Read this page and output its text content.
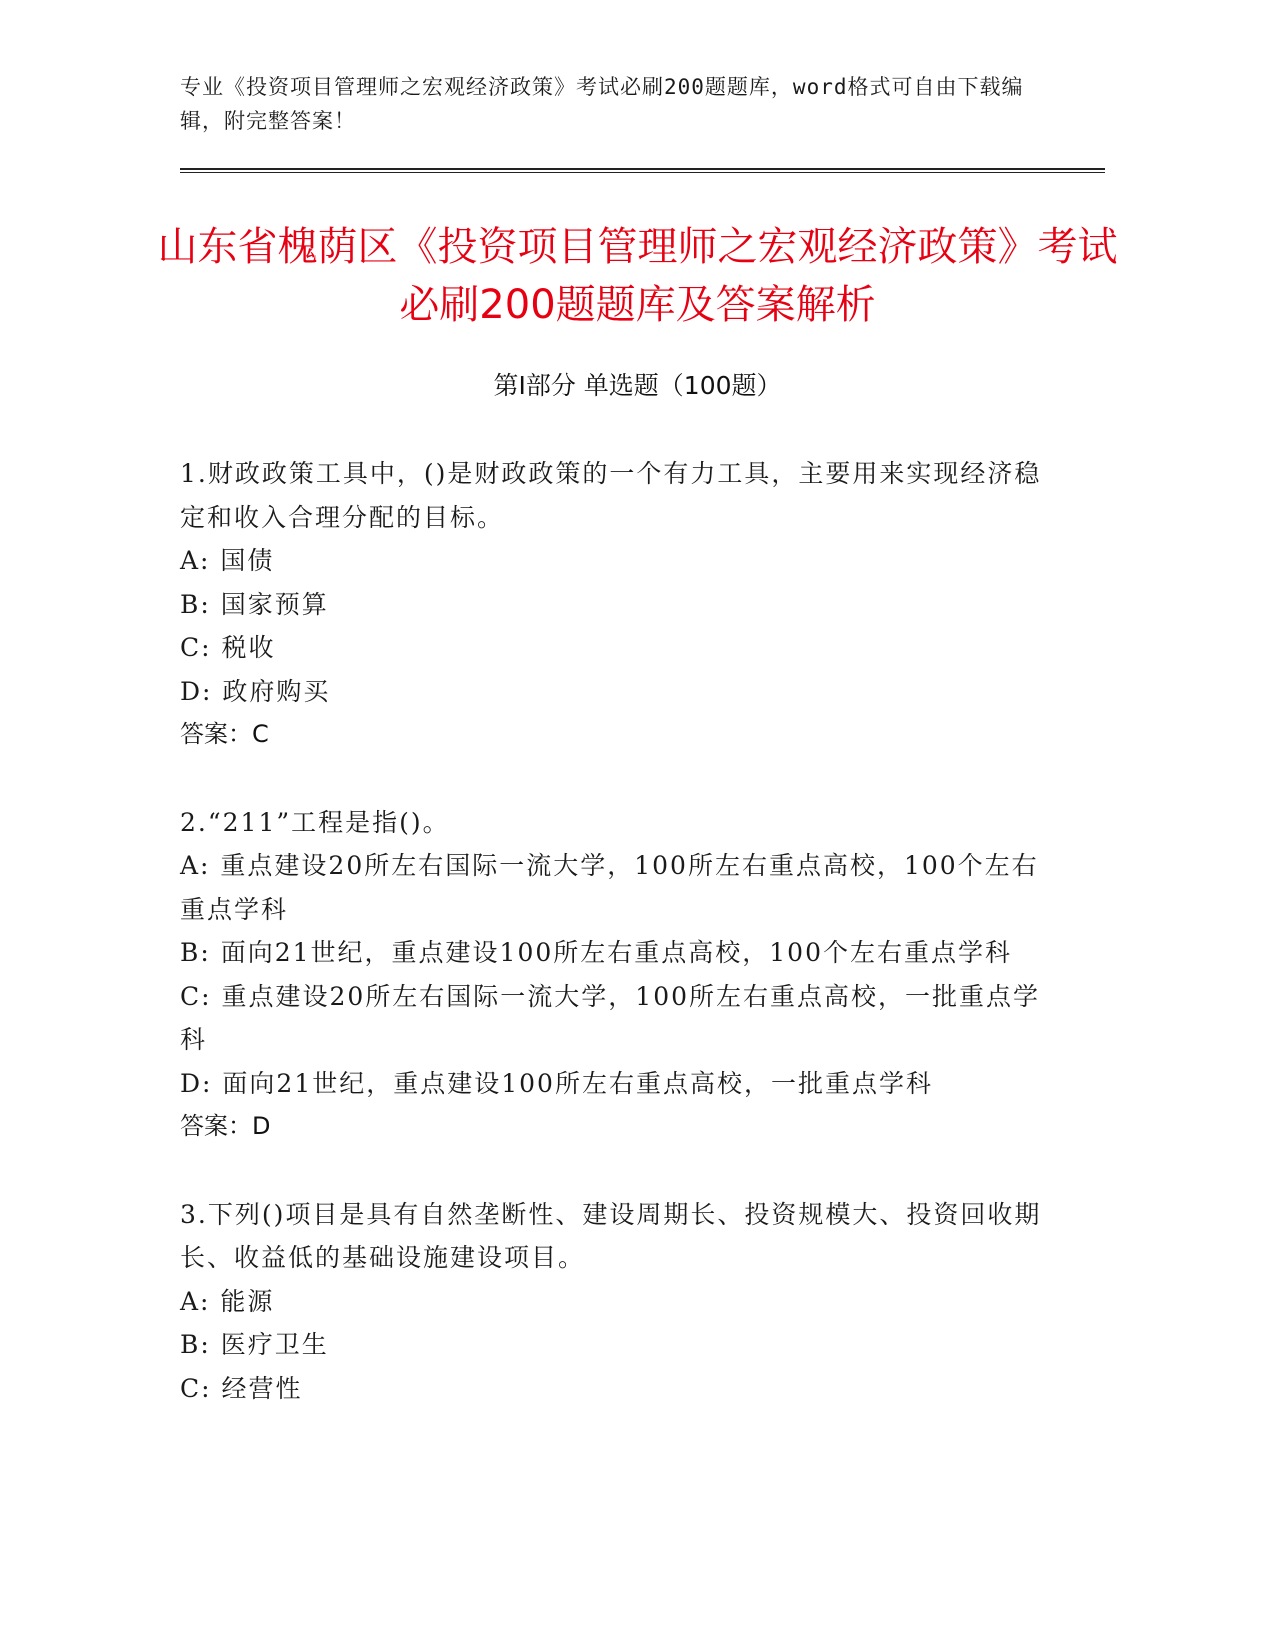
专业《投资项目管理师之宏观经济政策》考试必刷200题题库，word格式可自由下载编辑，附完整答案！
山东省槐荫区《投资项目管理师之宏观经济政策》考试必刷200题题库及答案解析
第I部分 单选题（100题）

1.财政政策工具中，()是财政政策的一个有力工具，主要用来实现经济稳定和收入合理分配的目标。

A: 国债

B: 国家预算

C: 税收

D: 政府购买

答案：C

2.“211”工程是指()。

A: 重点建设20所左右国际一流大学，100所左右重点高校，100个左右重点学科

B: 面向21世纪，重点建设100所左右重点高校，100个左右重点学科

C: 重点建设20所左右国际一流大学，100所左右重点高校，一批重点学科

D: 面向21世纪，重点建设100所左右重点高校，一批重点学科

答案：D

3.下列()项目是具有自然垄断性、建设周期长、投资规模大、投资回收期长、收益低的基础设施建设项目。

A: 能源

B: 医疗卫生

C: 经营性
